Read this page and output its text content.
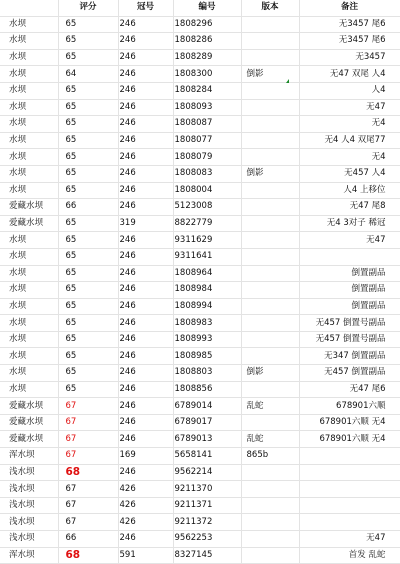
	评分	冠号	编号	版本	备注
水坝	65	246	1808296		无3457 尾6
水坝	65	246	1808286		无3457 尾6
水坝	65	246	1808289		无3457
水坝	64	246	1808300	倒影	无47 双尾 人4
水坝	65	246	1808284		人4
水坝	65	246	1808093		无47
水坝	65	246	1808087		无4
水坝	65	246	1808077		无4 人4 双尾77
水坝	65	246	1808079		无4
水坝	65	246	1808083	倒影	无457 人4
水坝	65	246	1808004		人4 上移位
爱藏水坝	66	246	5123008		无47 尾8
爱藏水坝	65	319	8822779		无4 3对子 稀冠
水坝	65	246	9311629		无47
水坝	65	246	9311641		
水坝	65	246	1808964		倒置副品
水坝	65	246	1808984		倒置副品
水坝	65	246	1808994		倒置副品
水坝	65	246	1808983		无457 倒置号副品
水坝	65	246	1808993		无457 倒置号副品
水坝	65	246	1808985		无347 倒置副品
水坝	65	246	1808803	倒影	无457 倒置副品
水坝	65	246	1808856		无47 尾6
爱藏水坝	67	246	6789014	乱蛇	678901六顺
爱藏水坝	67	246	6789017		678901六顺 无4
爱藏水坝	67	246	6789013	乱蛇	678901六顺 无4
浑水坝	67	169	5658141	865b	
浅水坝	68	246	9562214		
浅水坝	67	426	9211370		
浅水坝	67	426	9211371		
浅水坝	67	426	9211372		
浅水坝	66	246	9562253		无47
浑水坝	68	591	8327145		首发 乱蛇
